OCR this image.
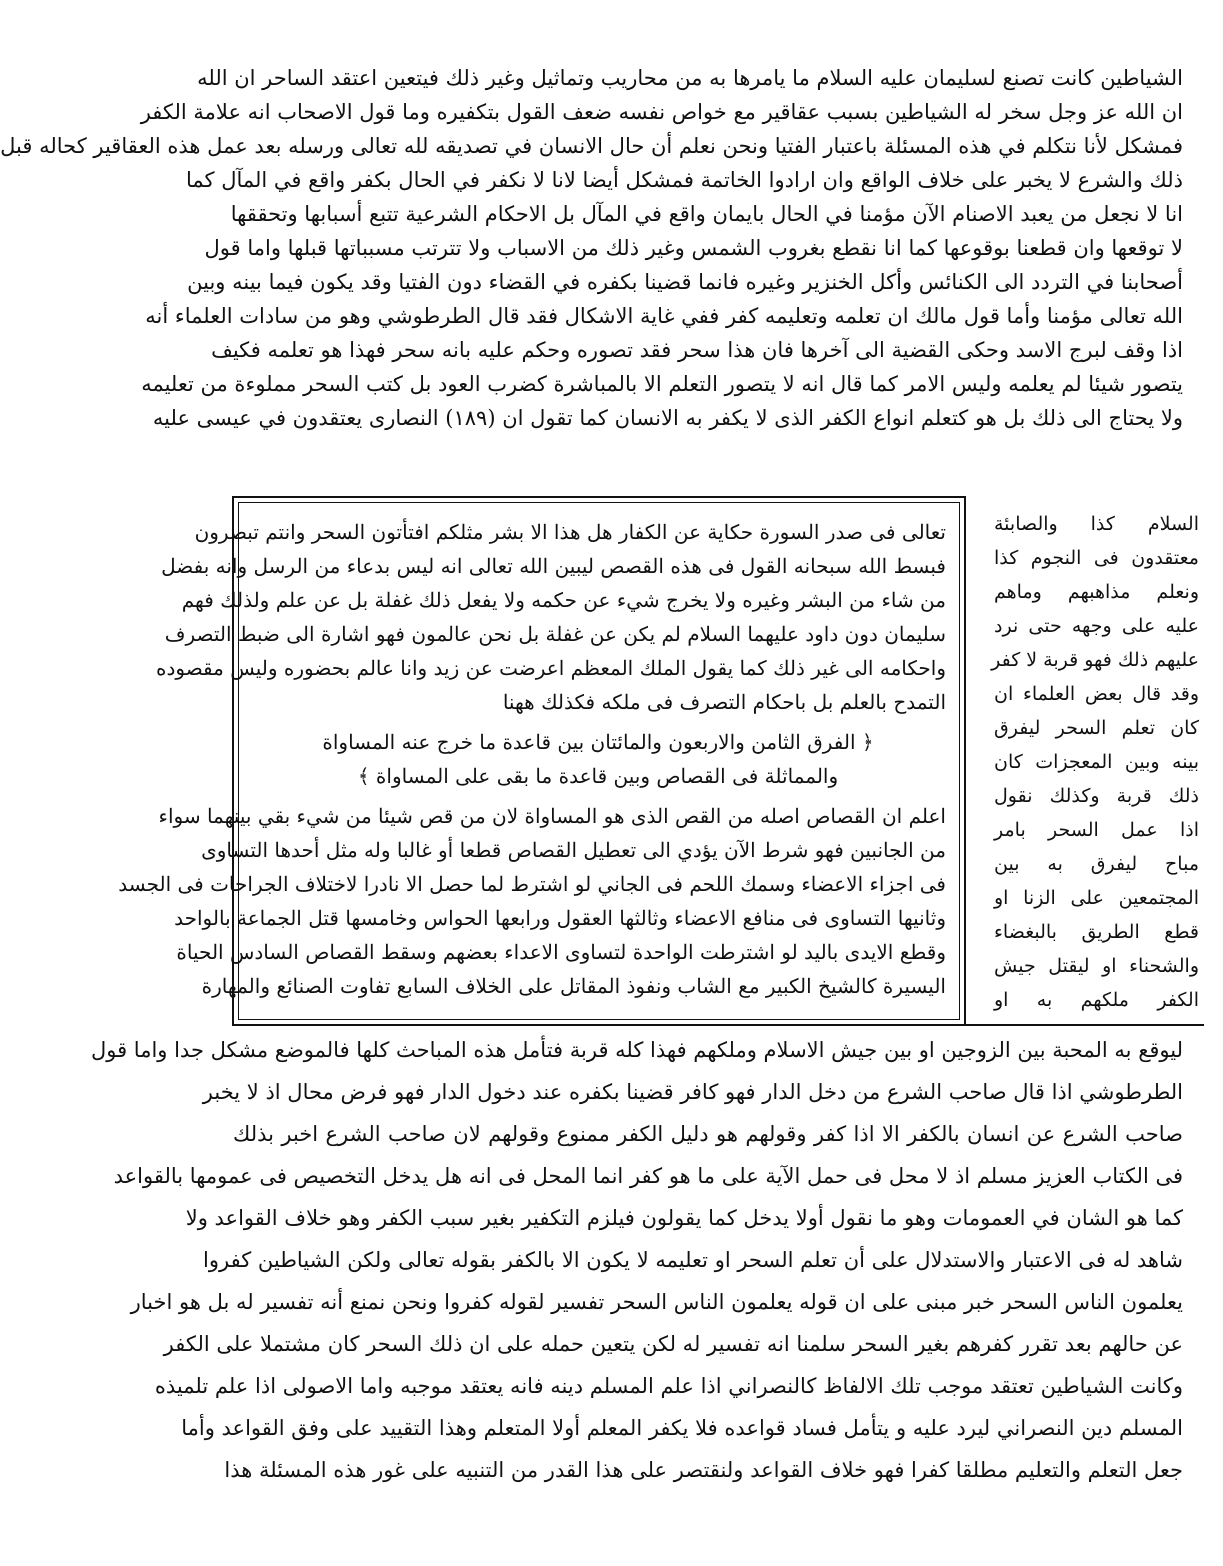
الشياطين كانت تصنع لسليمان عليه السلام ما يامرها به من محاريب وتماثيل وغير ذلك فيتعين اعتقد الساحر ان الله
ان الله عز وجل سخر له الشياطين بسبب عقاقير مع خواص نفسه ضعف القول بتكفيره وما قول الاصحاب انه علامة الكفر
فمشكل لأنا نتكلم في هذه المسئلة باعتبار الفتيا ونحن نعلم أن حال الانسان في تصديقه لله تعالى ورسله بعد عمل هذه العقاقير كحاله قبل
ذلك والشرع لا يخبر على خلاف الواقع وان ارادوا الخاتمة فمشكل أيضا لانا لا نكفر في الحال بكفر واقع في المآل كما
انا لا نجعل من يعبد الاصنام الآن مؤمنا في الحال بايمان واقع في المآل بل الاحكام الشرعية تتبع أسبابها وتحققها
لا توقعها وان قطعنا بوقوعها كما انا نقطع بغروب الشمس وغير ذلك من الاسباب ولا تترتب مسبباتها قبلها واما قول
أصحابنا في التردد الى الكنائس وأكل الخنزير وغيره فانما قضينا بكفره في القضاء دون الفتيا وقد يكون فيما بينه وبين
الله تعالى مؤمنا وأما قول مالك ان تعلمه وتعليمه كفر ففي غاية الاشكال فقد قال الطرطوشي وهو من سادات العلماء أنه
اذا وقف لبرج الاسد وحكى القضية الى آخرها فان هذا سحر فقد تصوره وحكم عليه بانه سحر فهذا هو تعلمه فكيف
يتصور شيئا لم يعلمه وليس الامر كما قال انه لا يتصور التعلم الا بالمباشرة كضرب العود بل كتب السحر مملوءة من تعليمه
ولا يحتاج الى ذلك بل هو كتعلم انواع الكفر الذى لا يكفر به الانسان كما تقول ان (١٨٩) النصارى يعتقدون في عيسى عليه
السلام كذا والصابئة
معتقدون فى النجوم كذا
ونعلم مذاهبهم وماهم
عليه على وجهه حتى نرد
عليهم ذلك فهو قربة لا كفر
وقد قال بعض العلماء ان
كان تعلم السحر ليفرق
بينه وبين المعجزات كان
ذلك قربة وكذلك نقول
اذا عمل السحر بامر
مباح ليفرق به بين
المجتمعين على الزنا او
قطع الطريق بالبغضاء
والشحناء او ليقتل جيش
الكفر ملكهم به او
تعالى فى صدر السورة حكاية عن الكفار هل هذا الا بشر مثلكم افتأتون السحر وانتم تبصرون
فبسط الله سبحانه القول فى هذه القصص ليبين الله تعالى انه ليس بدعاء من الرسل وانه بفضل
من شاء من البشر وغيره ولا يخرج شيء عن حكمه ولا يفعل ذلك غفلة بل عن علم ولذلك فهم
سليمان دون داود عليهما السلام لم يكن عن غفلة بل نحن عالمون فهو اشارة الى ضبط التصرف
واحكامه الى غير ذلك كما يقول الملك المعظم اعرضت عن زيد وانا عالم بحضوره وليس مقصوده
التمدح بالعلم بل باحكام التصرف فى ملكه فكذلك ههنا
﴿ الفرق الثامن والاربعون والمائتان بين قاعدة ما خرج عنه المساواة
والمماثلة فى القصاص وبين قاعدة ما بقى على المساواة ﴾
اعلم ان القصاص اصله من القص الذى هو المساواة لان من قص شيئا من شيء بقي بينهما سواء
من الجانبين فهو شرط الآن يؤدي الى تعطيل القصاص قطعا أو غالبا وله مثل أحدها التساوى
فى اجزاء الاعضاء وسمك اللحم فى الجاني لو اشترط لما حصل الا نادرا لاختلاف الجراحات فى الجسد
وثانيها التساوى فى منافع الاعضاء وثالثها العقول ورابعها الحواس وخامسها قتل الجماعة بالواحد
وقطع الايدى باليد لو اشترطت الواحدة لتساوى الاعداء بعضهم وسقط القصاص السادس الحياة
اليسيرة كالشيخ الكبير مع الشاب ونفوذ المقاتل على الخلاف السابع تفاوت الصنائع والمهارة
ليوقع به المحبة بين الزوجين او بين جيش الاسلام وملكهم فهذا كله قربة فتأمل هذه المباحث كلها فالموضع مشكل جدا واما قول
الطرطوشي اذا قال صاحب الشرع من دخل الدار فهو كافر قضينا بكفره عند دخول الدار فهو فرض محال اذ لا يخبر
صاحب الشرع عن انسان بالكفر الا اذا كفر وقولهم هو دليل الكفر ممنوع وقولهم لان صاحب الشرع اخبر بذلك
فى الكتاب العزيز مسلم اذ لا محل فى حمل الآية على ما هو كفر انما المحل فى انه هل يدخل التخصيص فى عمومها بالقواعد
كما هو الشان في العمومات وهو ما نقول أولا يدخل كما يقولون فيلزم التكفير بغير سبب الكفر وهو خلاف القواعد ولا
شاهد له فى الاعتبار والاستدلال على أن تعلم السحر او تعليمه لا يكون الا بالكفر بقوله تعالى ولكن الشياطين كفروا
يعلمون الناس السحر خبر مبنى على ان قوله يعلمون الناس السحر تفسير لقوله كفروا ونحن نمنع أنه تفسير له بل هو اخبار
عن حالهم بعد تقرر كفرهم بغير السحر سلمنا انه تفسير له لكن يتعين حمله على ان ذلك السحر كان مشتملا على الكفر
وكانت الشياطين تعتقد موجب تلك الالفاظ كالنصراني اذا علم المسلم دينه فانه يعتقد موجبه واما الاصولى اذا علم تلميذه
المسلم دين النصراني ليرد عليه و يتأمل فساد قواعده فلا يكفر المعلم أولا المتعلم وهذا التقييد على وفق القواعد وأما
جعل التعلم والتعليم مطلقا كفرا فهو خلاف القواعد ولنقتصر على هذا القدر من التنبيه على غور هذه المسئلة هذا
